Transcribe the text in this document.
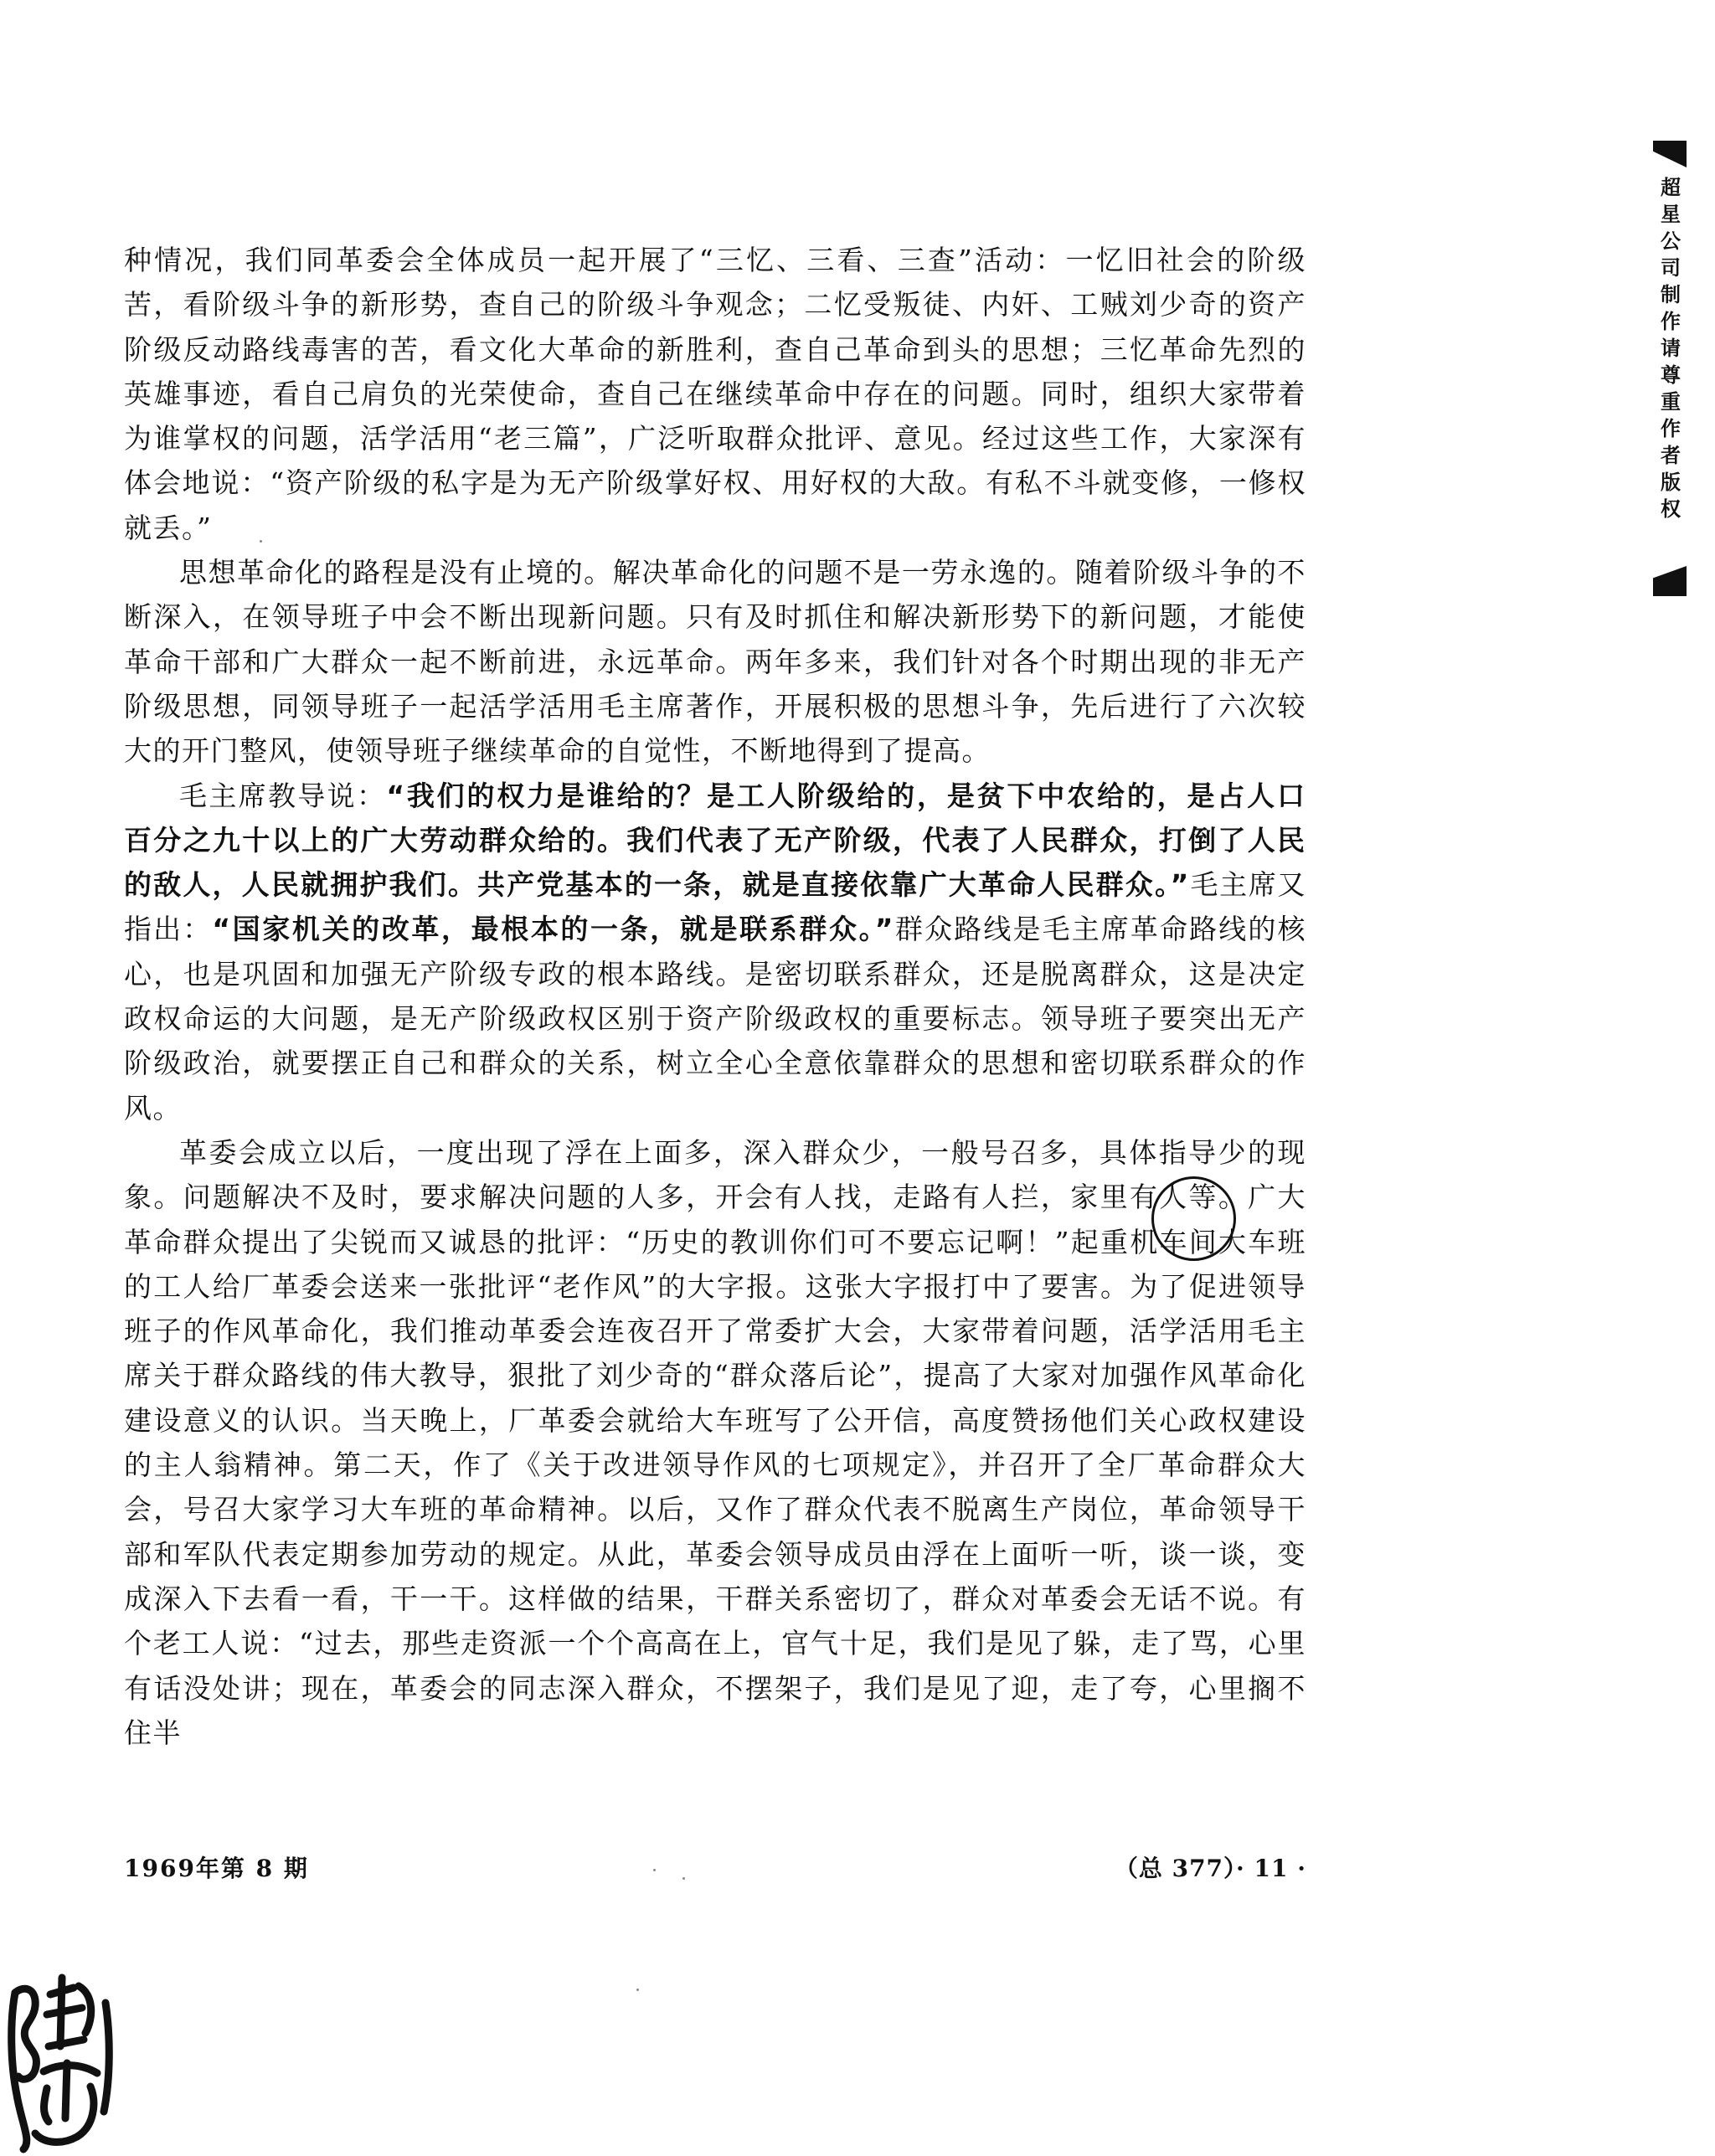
种情况，我们同革委会全体成员一起开展了“三忆、三看、三查”活动：一忆旧社会的阶级苦，看阶级斗争的新形势，查自己的阶级斗争观念；二忆受叛徒、内奸、工贼刘少奇的资产阶级反动路线毒害的苦，看文化大革命的新胜利，查自己革命到头的思想；三忆革命先烈的英雄事迹，看自己肩负的光荣使命，查自己在继续革命中存在的问题。同时，组织大家带着为谁掌权的问题，活学活用“老三篇”，广泛听取群众批评、意见。经过这些工作，大家深有体会地说：“资产阶级的私字是为无产阶级掌好权、用好权的大敌。有私不斗就变修，一修权就丢。”

思想革命化的路程是没有止境的。解决革命化的问题不是一劳永逸的。随着阶级斗争的不断深入，在领导班子中会不断出现新问题。只有及时抓住和解决新形势下的新问题，才能使革命干部和广大群众一起不断前进，永远革命。两年多来，我们针对各个时期出现的非无产阶级思想，同领导班子一起活学活用毛主席著作，开展积极的思想斗争，先后进行了六次较大的开门整风，使领导班子继续革命的自觉性，不断地得到了提高。

毛主席教导说：“我们的权力是谁给的？是工人阶级给的，是贫下中农给的，是占人口百分之九十以上的广大劳动群众给的。我们代表了无产阶级，代表了人民群众，打倒了人民的敌人，人民就拥护我们。共产党基本的一条，就是直接依靠广大革命人民群众。”毛主席又指出：“国家机关的改革，最根本的一条，就是联系群众。”群众路线是毛主席革命路线的核心，也是巩固和加强无产阶级专政的根本路线。是密切联系群众，还是脱离群众，这是决定政权命运的大问题，是无产阶级政权区别于资产阶级政权的重要标志。领导班子要突出无产阶级政治，就要摆正自己和群众的关系，树立全心全意依靠群众的思想和密切联系群众的作风。

革委会成立以后，一度出现了浮在上面多，深入群众少，一般号召多，具体指导少的现象。问题解决不及时，要求解决问题的人多，开会有人找，走路有人拦，家里有人等。广大革命群众提出了尖锐而又诚恳的批评：“历史的教训你们可不要忘记啊！”起重机车间大车班的工人给厂革委会送来一张批评“老作风”的大字报。这张大字报打中了要害。为了促进领导班子的作风革命化，我们推动革委会连夜召开了常委扩大会，大家带着问题，活学活用毛主席关于群众路线的伟大教导，狠批了刘少奇的“群众落后论”，提高了大家对加强作风革命化建设意义的认识。当天晚上，厂革委会就给大车班写了公开信，高度赞扬他们关心政权建设的主人翁精神。第二天，作了《关于改进领导作风的七项规定》，并召开了全厂革命群众大会，号召大家学习大车班的革命精神。以后，又作了群众代表不脱离生产岗位，革命领导干部和军队代表定期参加劳动的规定。从此，革委会领导成员由浮在上面听一听，谈一谈，变成深入下去看一看，干一干。这样做的结果，干群关系密切了，群众对革委会无话不说。有个老工人说：“过去，那些走资派一个个高高在上，官气十足，我们是见了躲，走了骂，心里有话没处讲；现在，革委会的同志深入群众，不摆架子，我们是见了迎，走了夸，心里搁不住半

1969年第 8 期	（总 377）· 11 ·
超星公司制作 请尊重作者版权
